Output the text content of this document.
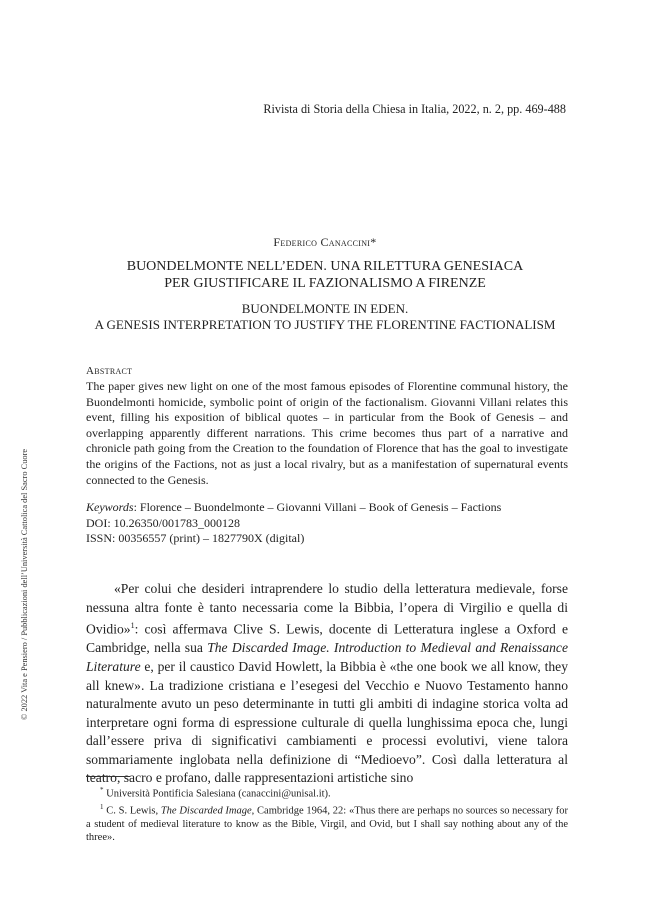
© 2022 Vita e Pensiero / Pubblicazioni dell’Università Cattolica del Sacro Cuore
Rivista di Storia della Chiesa in Italia, 2022, n. 2, pp. 469-488
Federico Canaccini*
BUONDELMONTE NELL’EDEN. UNA RILETTURA GENESIACA
PER GIUSTIFICARE IL FAZIONALISMO A FIRENZE
BUONDELMONTE IN EDEN.
A GENESIS INTERPRETATION TO JUSTIFY THE FLORENTINE FACTIONALISM
Abstract
The paper gives new light on one of the most famous episodes of Florentine communal history, the Buondelmonti homicide, symbolic point of origin of the factionalism. Giovanni Villani relates this event, filling his exposition of biblical quotes – in particular from the Book of Genesis – and overlapping apparently different narrations. This crime becomes thus part of a narrative and chronicle path going from the Creation to the foundation of Florence that has the goal to investigate the origins of the Factions, not as just a local rivalry, but as a manifestation of supernatural events connected to the Genesis.
Keywords: Florence – Buondelmonte – Giovanni Villani – Book of Genesis – Factions
DOI: 10.26350/001783_000128
ISSN: 00356557 (print) – 1827790X (digital)
«Per colui che desideri intraprendere lo studio della letteratura medievale, forse nessuna altra fonte è tanto necessaria come la Bibbia, l’opera di Virgilio e quella di Ovidio»$^1$: così affermava Clive S. Lewis, docente di Letteratura inglese a Oxford e Cambridge, nella sua The Discarded Image. Introduction to Medieval and Renaissance Literature e, per il caustico David Howlett, la Bibbia è «the one book we all know, they all knew». La tradizione cristiana e l’esegesi del Vecchio e Nuovo Testamento hanno naturalmente avuto un peso determinante in tutti gli ambiti di indagine storica volta ad interpretare ogni forma di espressione culturale di quella lunghissima epoca che, lungi dall’essere priva di significativi cambiamenti e processi evolutivi, viene talora sommariamente inglobata nella definizione di “Medioevo”. Così dalla letteratura al teatro, sacro e profano, dalle rappresentazioni artistiche sino

* Università Pontificia Salesiana (canaccini@unisal.it).

$^1$ C. S. Lewis, The Discarded Image, Cambridge 1964, 22: «Thus there are perhaps no sources so necessary for a student of medieval literature to know as the Bible, Virgil, and Ovid, but I shall say nothing about any of the three».
